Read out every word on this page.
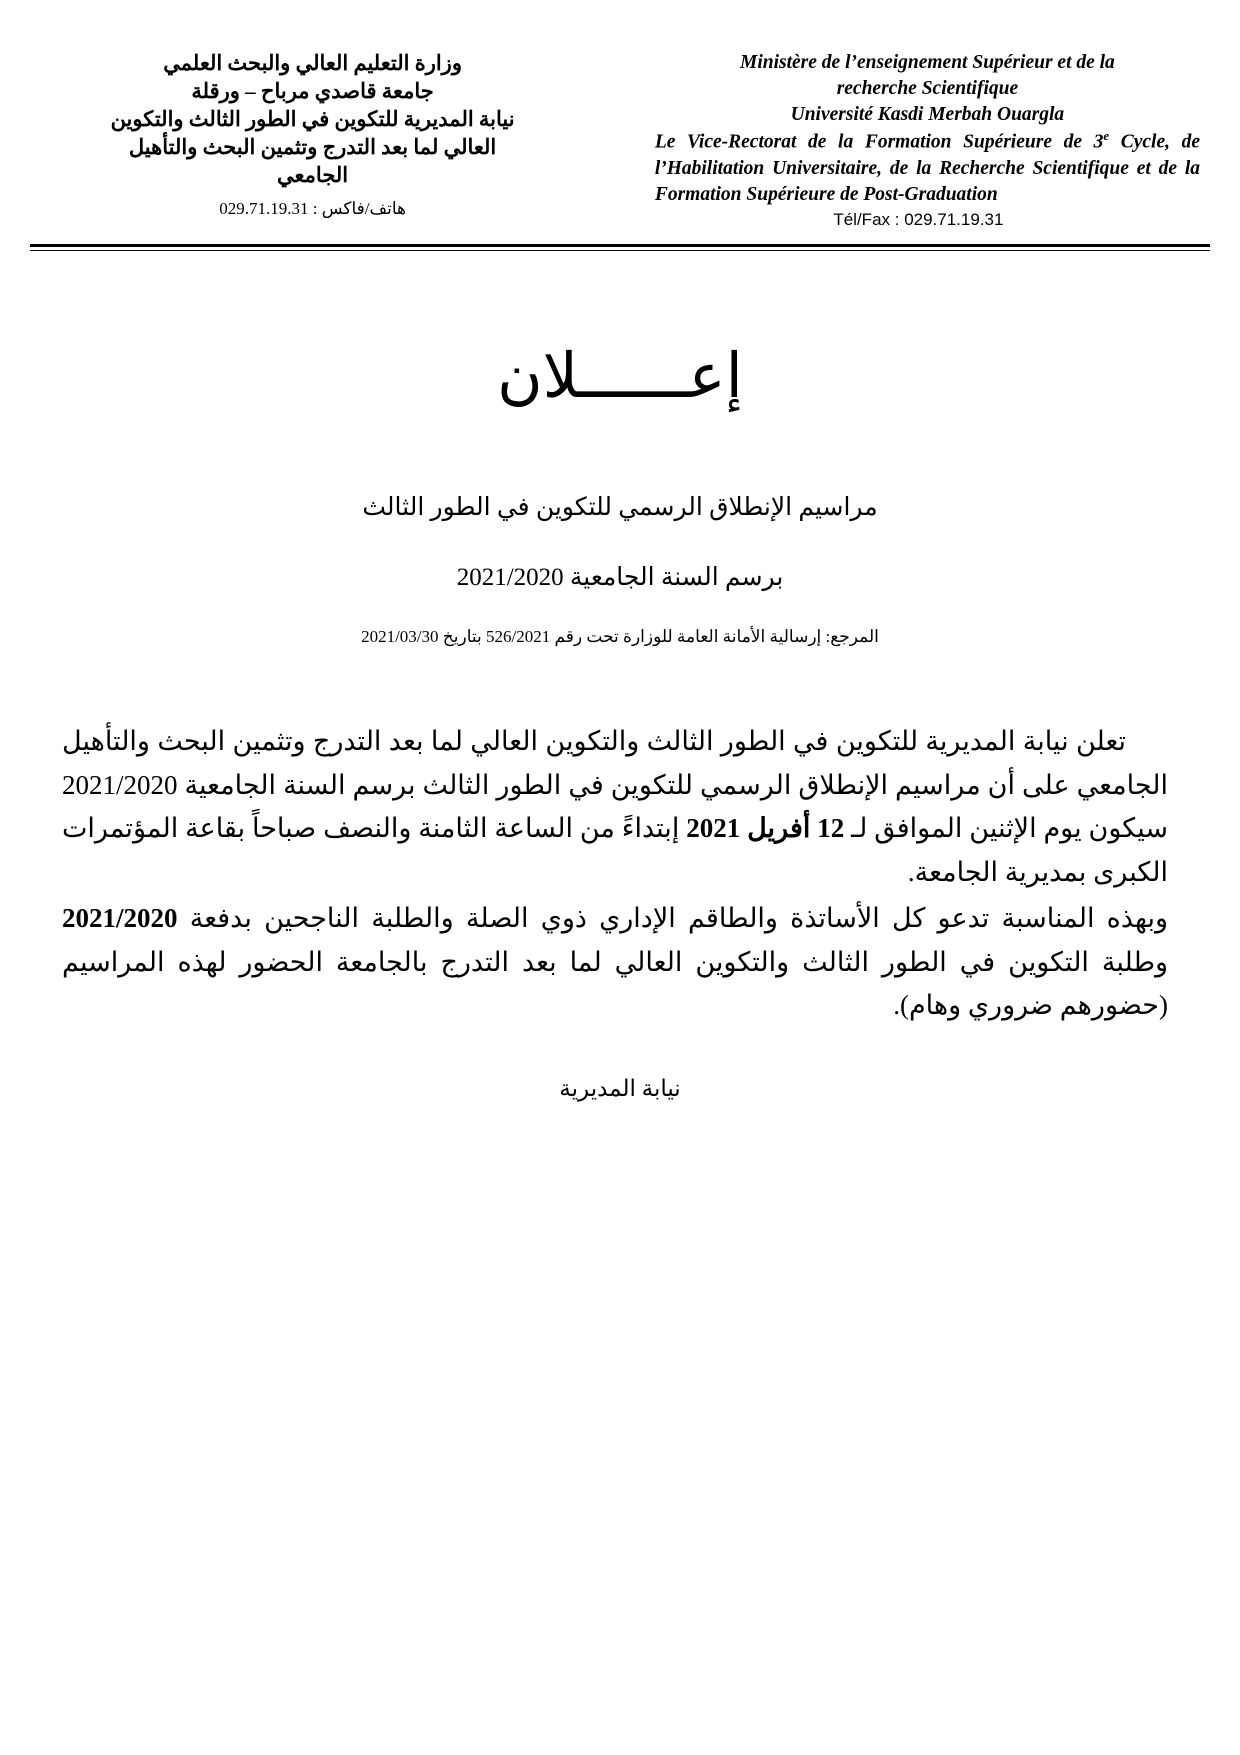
وزارة التعليم العالي والبحث العلمي
جامعة قاصدي مرباح – ورقلة
نيابة المديرية للتكوين في الطور الثالث والتكوين
العالي لما بعد التدرج وتثمين البحث والتأهيل
الجامعي
هاتف/فاكس : 029.71.19.31
Ministère de l’enseignement Supérieur et de la
recherche Scientifique
Université Kasdi Merbah Ouargla
Le Vice-Rectorat de la Formation Supérieure de 3e Cycle, de l’Habilitation Universitaire, de la Recherche Scientifique et de la Formation Supérieure de Post-Graduation
Tél/Fax : 029.71.19.31
إعــــــلان
مراسيم الإنطلاق الرسمي للتكوين في الطور الثالث
برسم السنة الجامعية 2021/2020
المرجع: إرسالية الأمانة العامة للوزارة تحت رقم 526/2021 بتاريخ 2021/03/30

تعلن نيابة المديرية للتكوين في الطور الثالث والتكوين العالي لما بعد التدرج وتثمين البحث والتأهيل الجامعي على أن مراسيم الإنطلاق الرسمي للتكوين في الطور الثالث برسم السنة الجامعية 2021/2020 سيكون يوم الإثنين الموافق لـ 12 أفريل 2021 إبتداءً من الساعة الثامنة والنصف صباحاً بقاعة المؤتمرات الكبرى بمديرية الجامعة.

وبهذه المناسبة تدعو كل الأساتذة والطاقم الإداري ذوي الصلة والطلبة الناجحين بدفعة 2021/2020 وطلبة التكوين في الطور الثالث والتكوين العالي لما بعد التدرج بالجامعة الحضور لهذه المراسيم (حضورهم ضروري وهام).

نيابة المديرية
